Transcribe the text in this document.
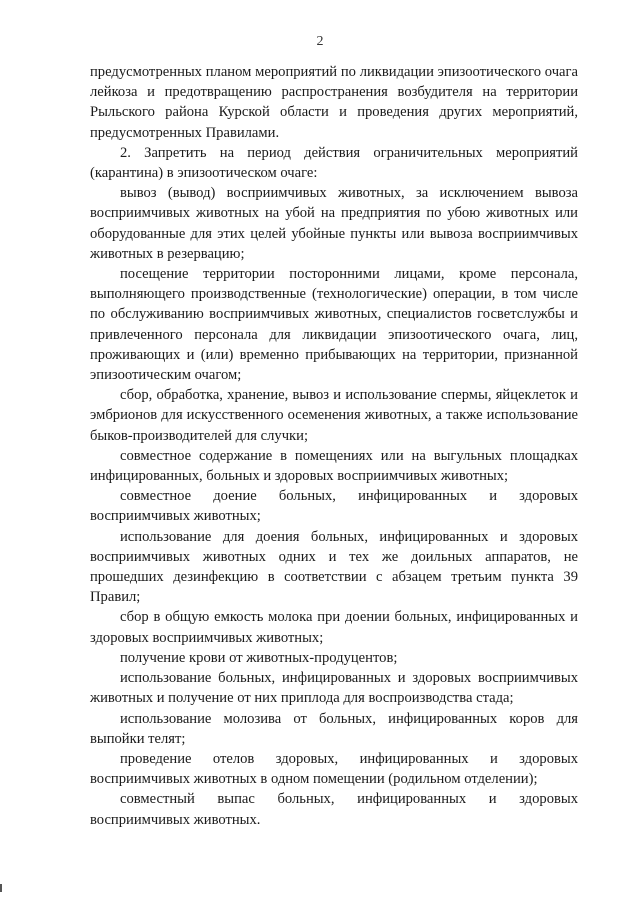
2

предусмотренных планом мероприятий по ликвидации эпизоотического очага лейкоза и предотвращению распространения возбудителя на территории Рыльского района Курской области и проведения других мероприятий, предусмотренных Правилами.

2. Запретить на период действия ограничительных мероприятий (карантина) в эпизоотическом очаге:

вывоз (вывод) восприимчивых животных, за исключением вывоза восприимчивых животных на убой на предприятия по убою животных или оборудованные для этих целей убойные пункты или вывоза восприимчивых животных в резервацию;

посещение территории посторонними лицами, кроме персонала, выполняющего производственные (технологические) операции, в том числе по обслуживанию восприимчивых животных, специалистов госветслужбы и привлеченного персонала для ликвидации эпизоотического очага, лиц, проживающих и (или) временно прибывающих на территории, признанной эпизоотическим очагом;

сбор, обработка, хранение, вывоз и использование спермы, яйцеклеток и эмбрионов для искусственного осеменения животных, а также использование быков-производителей для случки;

совместное содержание в помещениях или на выгульных площадках инфицированных, больных и здоровых восприимчивых животных;

совместное доение больных, инфицированных и здоровых восприимчивых животных;

использование для доения больных, инфицированных и здоровых восприимчивых животных одних и тех же доильных аппаратов, не прошедших дезинфекцию в соответствии с абзацем третьим пункта 39 Правил;

сбор в общую емкость молока при доении больных, инфицированных и здоровых восприимчивых животных;

получение крови от животных-продуцентов;

использование больных, инфицированных и здоровых восприимчивых животных и получение от них приплода для воспроизводства стада;

использование молозива от больных, инфицированных коров для выпойки телят;

проведение отелов здоровых, инфицированных и здоровых восприимчивых животных в одном помещении (родильном отделении);

совместный выпас больных, инфицированных и здоровых восприимчивых животных.
